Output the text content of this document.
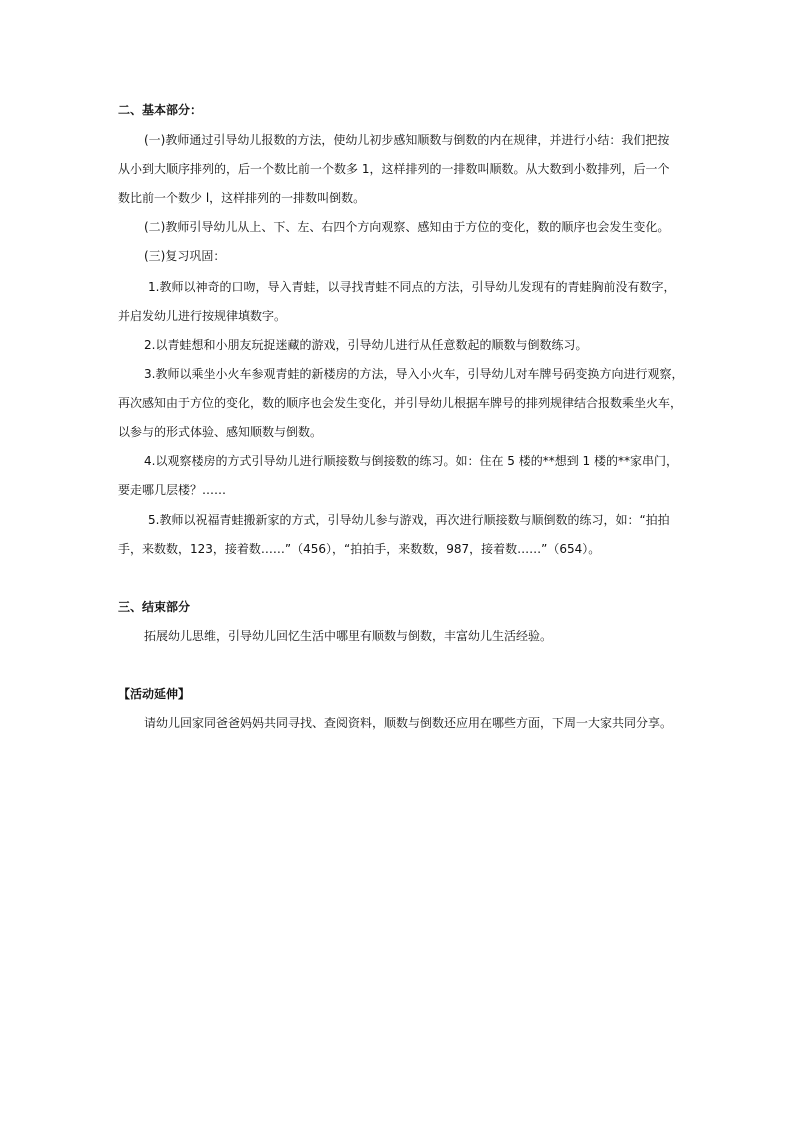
二、基本部分：

(一)教师通过引导幼儿报数的方法，使幼儿初步感知顺数与倒数的内在规律，并进行小结：我们把按

从小到大顺序排列的，后一个数比前一个数多 1，这样排列的一排数叫顺数。从大数到小数排列，后一个

数比前一个数少 l，这样排列的一排数叫倒数。

(二)教师引导幼儿从上、下、左、右四个方向观察、感知由于方位的变化，数的顺序也会发生变化。

(三)复习巩固：

1.教师以神奇的口吻，导入青蛙，以寻找青蛙不同点的方法，引导幼儿发现有的青蛙胸前没有数字，

并启发幼儿进行按规律填数字。

2.以青蛙想和小朋友玩捉迷藏的游戏，引导幼儿进行从任意数起的顺数与倒数练习。

3.教师以乘坐小火车参观青蛙的新楼房的方法，导入小火车，引导幼儿对车牌号码变换方向进行观察，

再次感知由于方位的变化，数的顺序也会发生变化，并引导幼儿根据车牌号的排列规律结合报数乘坐火车，

以参与的形式体验、感知顺数与倒数。

4.以观察楼房的方式引导幼儿进行顺接数与倒接数的练习。如：住在 5 楼的**想到 1 楼的**家串门，

要走哪几层楼？……

5.教师以祝福青蛙搬新家的方式，引导幼儿参与游戏，再次进行顺接数与顺倒数的练习，如：“拍拍

手，来数数，123，接着数……”（456），“拍拍手，来数数，987，接着数……”（654）。

三、结束部分

拓展幼儿思维，引导幼儿回忆生活中哪里有顺数与倒数，丰富幼儿生活经验。

【活动延伸】

请幼儿回家同爸爸妈妈共同寻找、查阅资料，顺数与倒数还应用在哪些方面，下周一大家共同分享。
